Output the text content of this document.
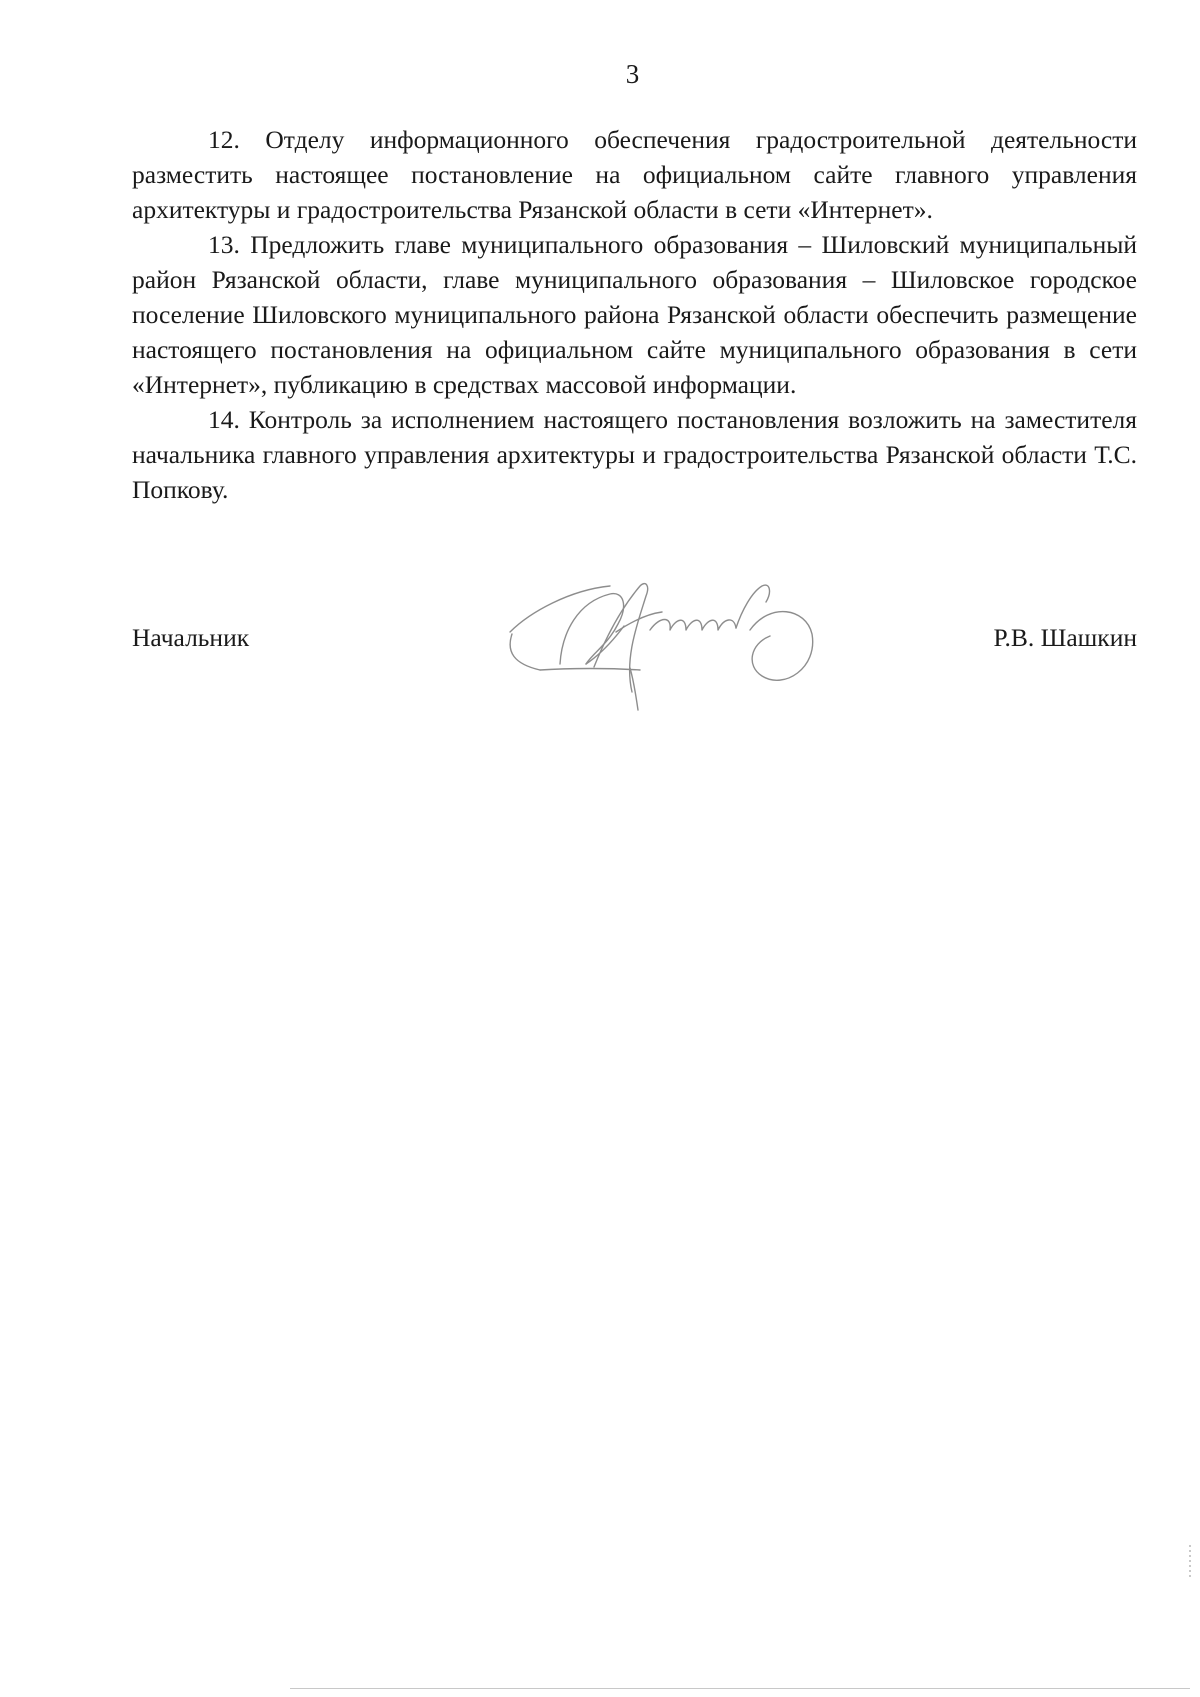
3

12. Отделу информационного обеспечения градостроительной деятельности разместить настоящее постановление на официальном сайте главного управления архитектуры и градостроительства Рязанской области в сети «Интернет».

13. Предложить главе муниципального образования – Шиловский муниципальный район Рязанской области, главе муниципального образования – Шиловское городское поселение Шиловского муниципального района Рязанской области обеспечить размещение настоящего постановления на официальном сайте муниципального образования в сети «Интернет», публикацию в средствах массовой информации.

14. Контроль за исполнением настоящего постановления возложить на заместителя начальника главного управления архитектуры и градостроительства Рязанской области Т.С. Попкову.

Начальник	Р.В. Шашкин
